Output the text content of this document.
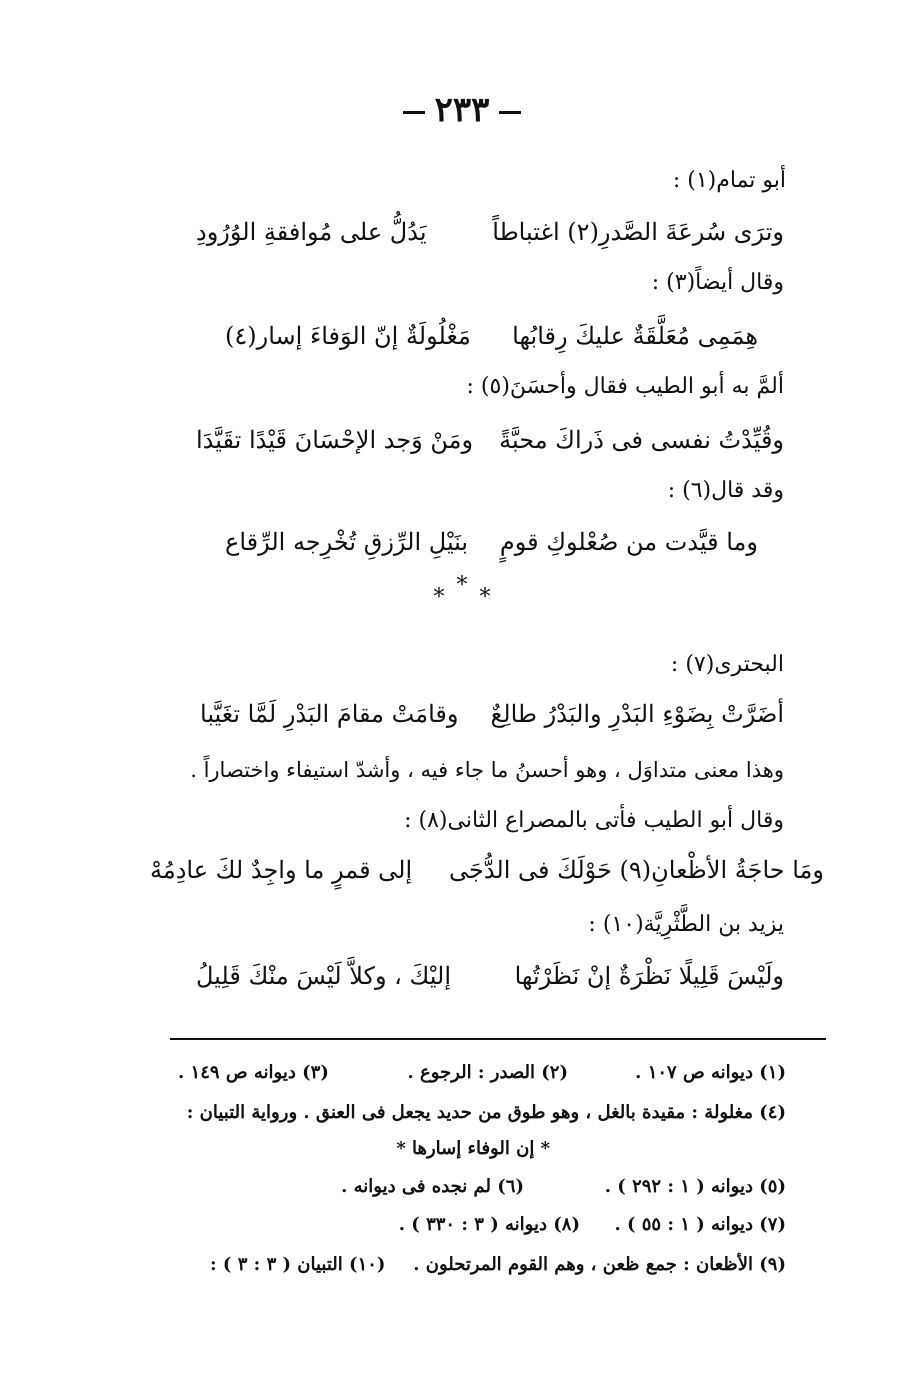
٢٣٣
أبو تمام(١) :
وترَى سُرعَةَ الصَّدرِ(٢) اغتباطاً
يَدُلُّ على مُوافقةِ الوُرُودِ
وقال أيضاً(٣) :
هِمَمِى مُعَلَّقَةٌ عليكَ رِقابُها
مَغْلُولَةٌ إنّ الوَفاءَ إسار(٤)
ألمَّ به أبو الطيب فقال وأحسَنَ(٥) :
وقُيِّدْتُ نفسى فى ذَراكَ محبَّةً
ومَنْ وَجد الإحْسَانَ قَيْدًا تقَيَّدَا
وقد قال(٦) :
وما قيَّدت من صُعْلوكِ قومٍ
بنَيْلِ الرِّزقِ تُخْرِجه الرِّقاع
* * *
البحترى(٧) :
أضَرَّتْ بِضَوْءِ البَدْرِ والبَدْرُ طالِعٌ
وقامَتْ مقامَ البَدْرِ لَمَّا تغَيَّبا
وهذا معنى متداوَل ، وهو أحسنُ ما جاء فيه ، وأشدّ استيفاء واختصاراً .
وقال أبو الطيب فأتى بالمصراع الثانى(٨) :
ومَا حاجَةُ الأظْعانِ(٩) حَوْلَكَ فى الدُّجَى
إلى قمرٍ ما واجِدٌ لكَ عادِمُهْ
يزيد بن الطَّثْرِيَّة(١٠) :
ولَيْسَ قَلِيلًا نَظْرَةٌ إنْ نَظَرْتُها
إليْكَ ، وكلاَّ لَيْسَ منْكَ قَلِيلُ
(١) ديوانه ص ١٠٧ .
(٢) الصدر : الرجوع .
(٣) ديوانه ص ١٤٩ .
(٤) مغلولة : مقيدة بالغل ، وهو طوق من حديد يجعل فى العنق . ورواية التبيان :
* إن الوفاء إسارها *
(٥) ديوانه ( ١ : ٢٩٢ ) .
(٦) لم نجده فى ديوانه .
(٧) ديوانه ( ١ : ٥٥ ) .
(٨) ديوانه ( ٣ : ٣٣٠ ) .
(٩) الأظعان : جمع ظعن ، وهم القوم المرتحلون .
(١٠) التبيان ( ٣ : ٣ ) :
